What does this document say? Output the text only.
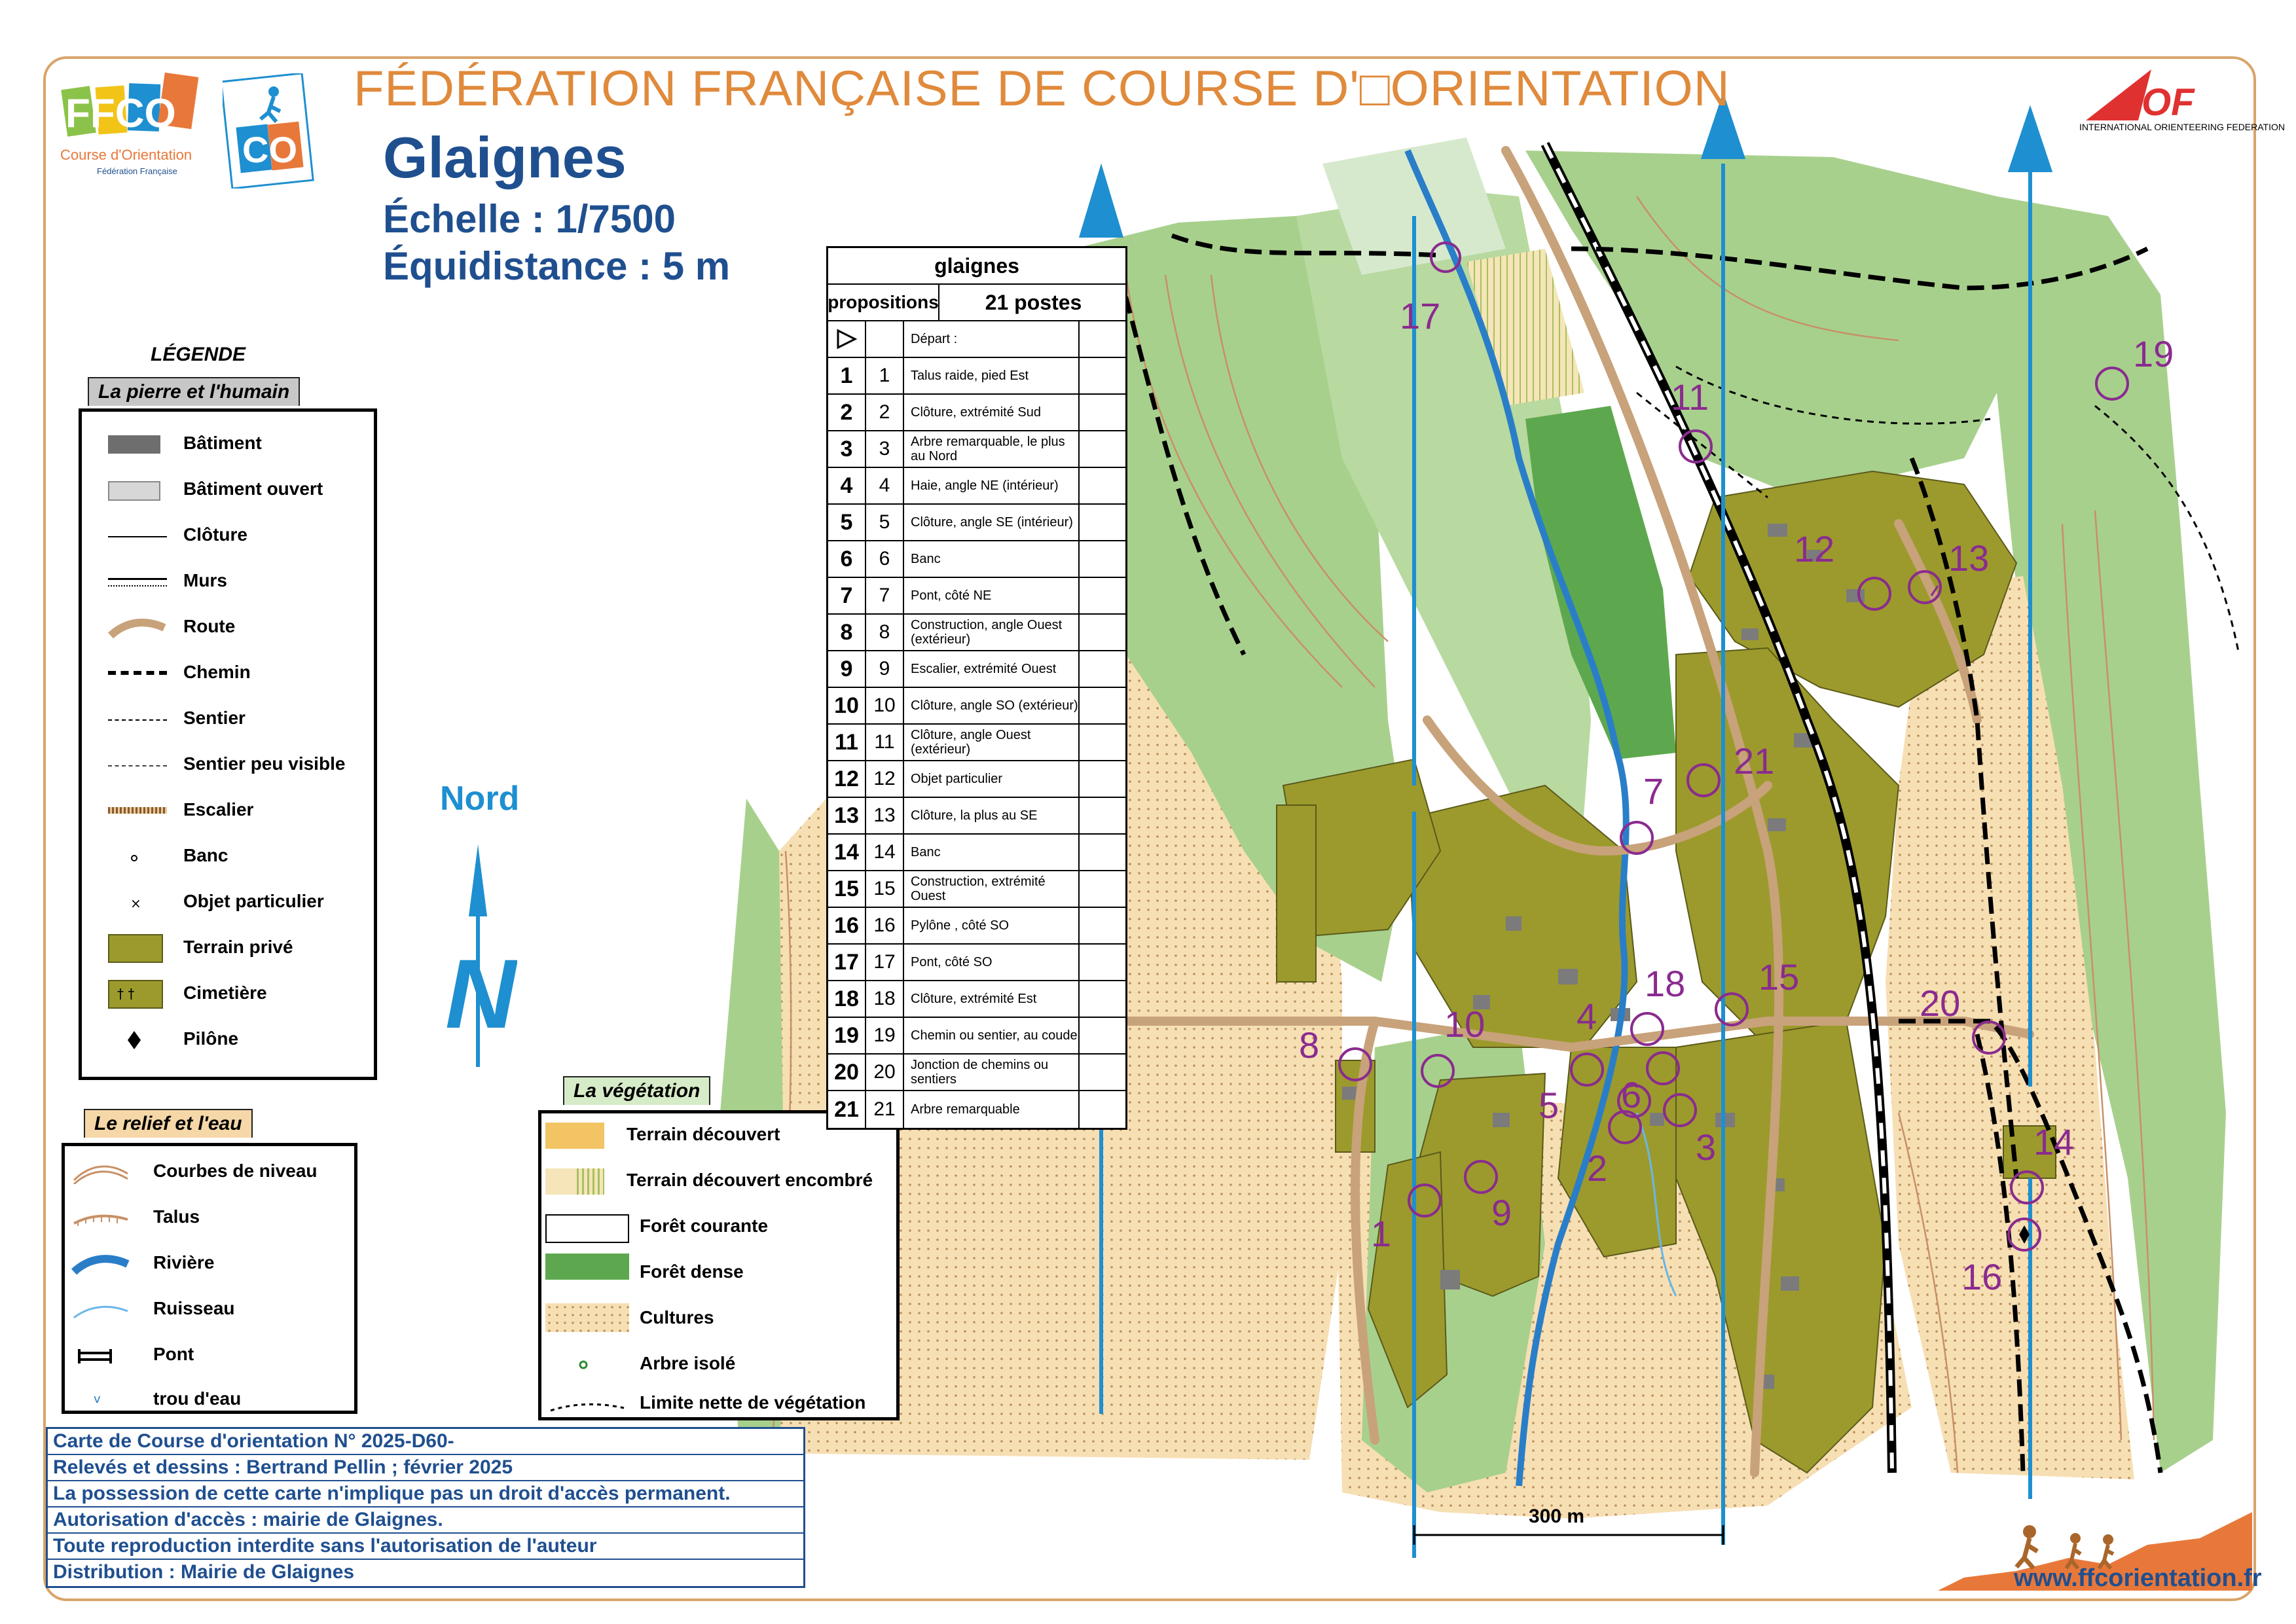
17
11
19
12	13
7
21
18 15
20
10
8
4
6
5
2
3	14
1
9
16
300 m
FÉDÉRATION FRANÇAISE DE COURSE D'□ORIENTATION
Glaignes
Échelle : 1/7500
Équidistance : 5 m
FFCO
Course d'Orientation
Fédération Française
CO
OF
INTERNATIONAL ORIENTEERING FEDERATION
LÉGENDE
La pierre et l'humain
Bâtiment
Bâtiment ouvert
Clôture
Murs
Route
Chemin
Sentier
Sentier peu visible
Escalier
Banc
× Objet particulier
Terrain privé
† †	Cimetière
Pilône
Le relief et l'eau
Courbes de niveau
Talus
Rivière
Ruisseau
Pont
v	trou d'eau
La végétation
Terrain découvert
Terrain découvert encombré
Forêt courante
Forêt dense
Cultures
Arbre isolé
Limite nette de végétation
Nord
N
glaignes
propositions	21 postes
Départ :
1	1	Talus raide, pied Est
2	2	Clôture, extrémité Sud
3	3	Arbre remarquable, le plus au Nord
4	4	Haie, angle NE (intérieur)
5	5	Clôture, angle SE (intérieur)
6	6	Banc
7	7	Pont, côté NE
8	8	Construction, angle Ouest (extérieur)
9	9	Escalier, extrémité Ouest
10 10	Clôture, angle SO (extérieur)
11 11	Clôture, angle Ouest (extérieur)
12 12	Objet particulier
13 13	Clôture, la plus au SE
14 14	Banc
15 15	Construction, extrémité Ouest
16 16	Pylône , côté SO
17 17	Pont, côté SO
18 18	Clôture, extrémité Est
19 19	Chemin ou sentier, au coude
20 20	Jonction de chemins ou sentiers
21 21	Arbre remarquable
Carte de Course d'orientation N° 2025-D60-
Relevés et dessins : Bertrand Pellin ; février 2025
La possession de cette carte n'implique pas un droit d'accès permanent.
Autorisation d'accès : mairie de Glaignes.
Toute reproduction interdite sans l'autorisation de l'auteur
Distribution : Mairie de Glaignes	www.ffcorientation.fr
